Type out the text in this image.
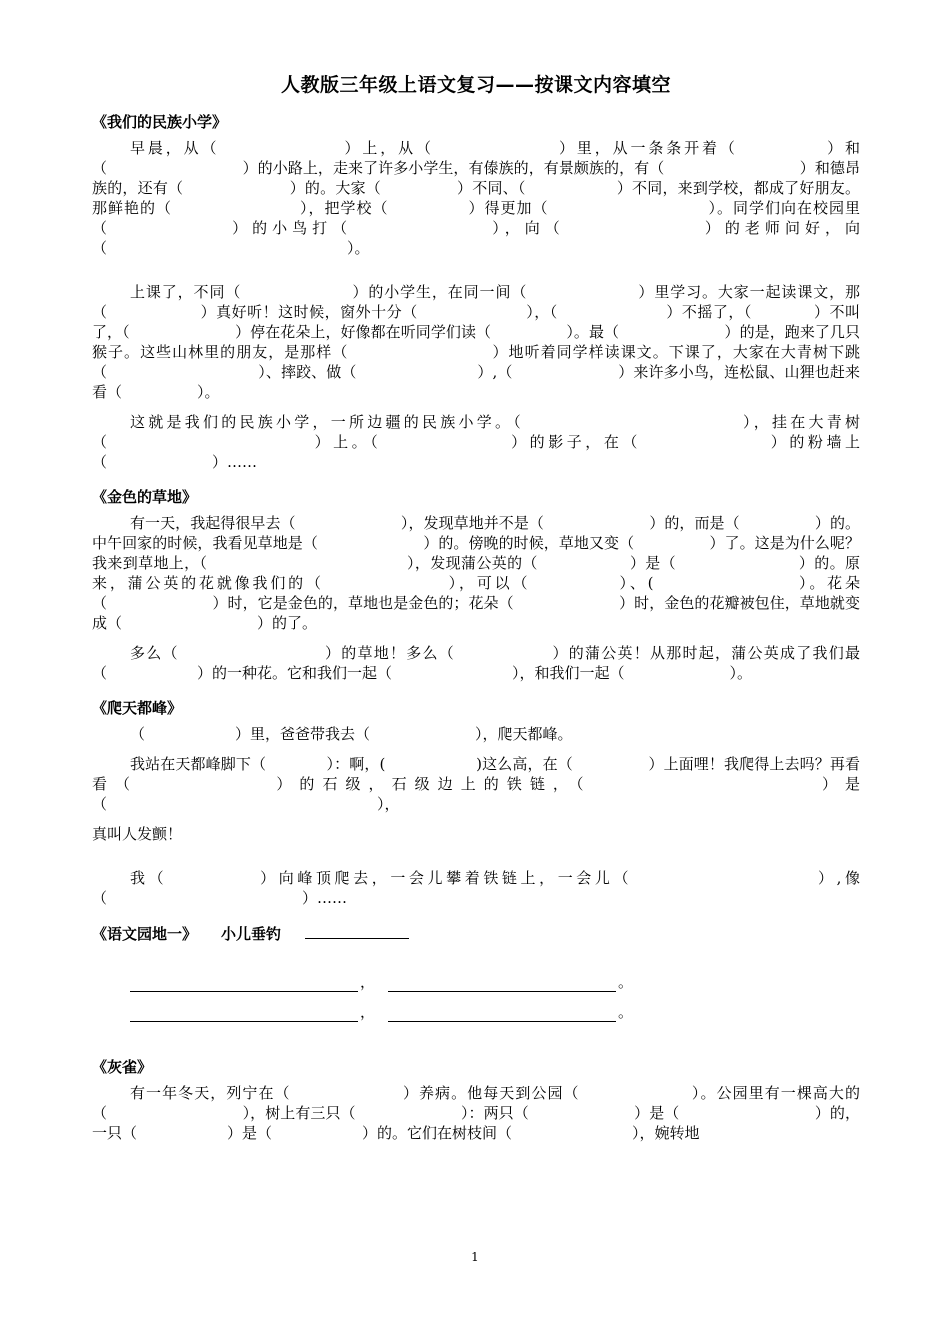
人教版三年级上语文复习——按课文内容填空
《我们的民族小学》

早晨，从（　　　　　　　）上，从（　　　　　　　）里，从一条条开着（　　　　　）和（　　　　　　　　　）的小路上，走来了许多小学生，有傣族的，有景颇族的，有（　　　　　　　　　）和德昂族的，还有（　　　　　　　）的。大家（　　　　　）不同、（　　　　　　）不同，来到学校，都成了好朋友。那鲜艳的（　　　　　　　　），把学校（　　　　　）得更加（　　　　　　　　　　）。同学们向在校园里（　　　　　　）的小鸟打（　　　　　　　），向（　　　　　　　）的老师问好，向（　　　　　　　　　　　　　　　　）。

上课了，不同（　　　　　　　）的小学生，在同一间（　　　　　　　）里学习。大家一起读课文，那（　　　　　　）真好听！这时候，窗外十分（　　　　　　　），（　　　　　　　）不摇了，（　　　　）不叫了，（　　　　　　　）停在花朵上，好像都在听同学们读（　　　　　）。最（　　　　　　　）的是，跑来了几只猴子。这些山林里的朋友，是那样（　　　　　　　　　）地听着同学样读课文。下课了，大家在大青树下跳（　　　　　　　　　　）、摔跤、做（　　　　　　　　）,（　　　　　　　）来许多小鸟，连松鼠、山狸也赶来看（　　　　　）。

这就是我们的民族小学，一所边疆的民族小学。（　　　　　　　　　　　　），挂在大青树（　　　　　　　　　　　）上。（　　　　　　　）的影子，在（　　　　　　　）的粉墙上（　　　　　　　）……

《金色的草地》

有一天，我起得很早去（　　　　　　　），发现草地并不是（　　　　　　　）的，而是（　　　　　）的。中午回家的时候，我看见草地是（　　　　　　　）的。傍晚的时候，草地又变（　　　　　）了。这是为什么呢？我来到草地上，（　　　　　　　　　　　　　），发现蒲公英的（　　　　　　）是（　　　　　　　　）的。原来，蒲公英的花就像我们的（　　　　　　　），可以（　　　　　）、(　　　　　　　　）。花朵（　　　　　　　）时，它是金色的，草地也是金色的；花朵（　　　　　　　）时，金色的花瓣被包住，草地就变成（　　　　　　　　　）的了。

多么（　　　　　　　　　）的草地！多么（　　　　　　）的蒲公英！从那时起，蒲公英成了我们最（　　　　　　）的一种花。它和我们一起（　　　　　　　　），和我们一起（　　　　　　　）。

《爬天都峰》

（　　　　　　）里，爸爸带我去（　　　　　　　），爬天都峰。

我站在天都峰脚下（　　　　）：啊，(　　　　　　)这么高，在（　　　　　）上面哩！我爬得上去吗？再看看（　　　　　　）的石级，石级边上的铁链，（　　　　　　　　　　）是（　　　　　　　　　　　　　　　　　　），

真叫人发颤！

我（　　　　　）向峰顶爬去，一会儿攀着铁链上，一会儿（　　　　　　　　　　）,像（　　　　　　　　　　　　　）……

《语文园地一》 小儿垂钓
，	。
，	。
《灰雀》

有一年冬天，列宁在（　　　　　　　）养病。他每天到公园（　　　　　　　）。公园里有一棵高大的（　　　　　　　　　），树上有三只（　　　　　　　）：两只（　　　　　　　）是（　　　　　　　　　）的，一只（　　　　　　）是（　　　　　　）的。它们在树枝间（　　　　　　　　），婉转地

1
